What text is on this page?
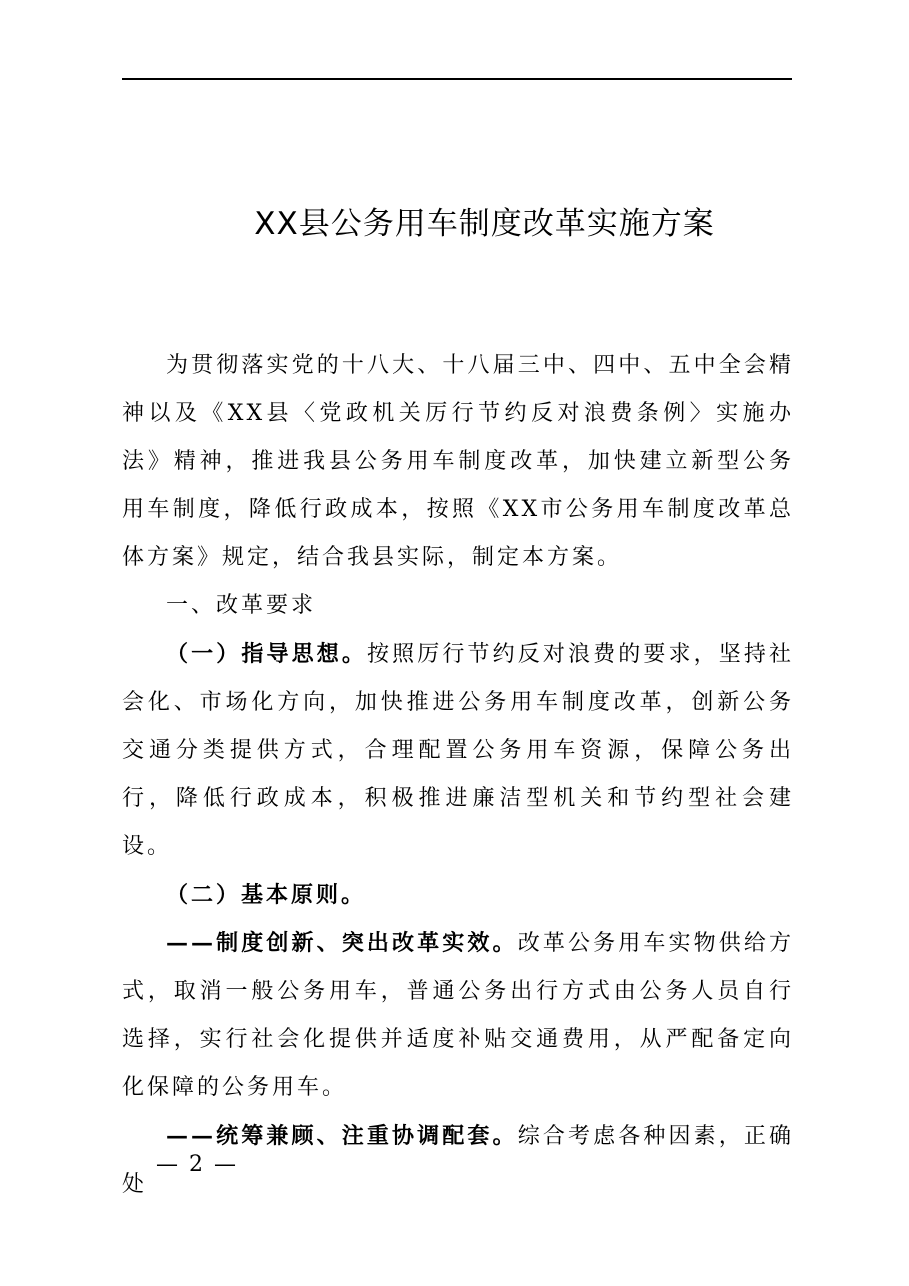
XX县公务用车制度改革实施方案

为贯彻落实党的十八大、十八届三中、四中、五中全会精神以及《XX县〈党政机关厉行节约反对浪费条例〉实施办法》精神，推进我县公务用车制度改革，加快建立新型公务用车制度，降低行政成本，按照《XX市公务用车制度改革总体方案》规定，结合我县实际，制定本方案。

一、改革要求

（一）指导思想。按照厉行节约反对浪费的要求，坚持社会化、市场化方向，加快推进公务用车制度改革，创新公务交通分类提供方式，合理配置公务用车资源，保障公务出行，降低行政成本，积极推进廉洁型机关和节约型社会建设。

（二）基本原则。

——制度创新、突出改革实效。改革公务用车实物供给方式，取消一般公务用车，普通公务出行方式由公务人员自行选择，实行社会化提供并适度补贴交通费用，从严配备定向化保障的公务用车。

——统筹兼顾、注重协调配套。综合考虑各种因素，正确处

— 2 —
